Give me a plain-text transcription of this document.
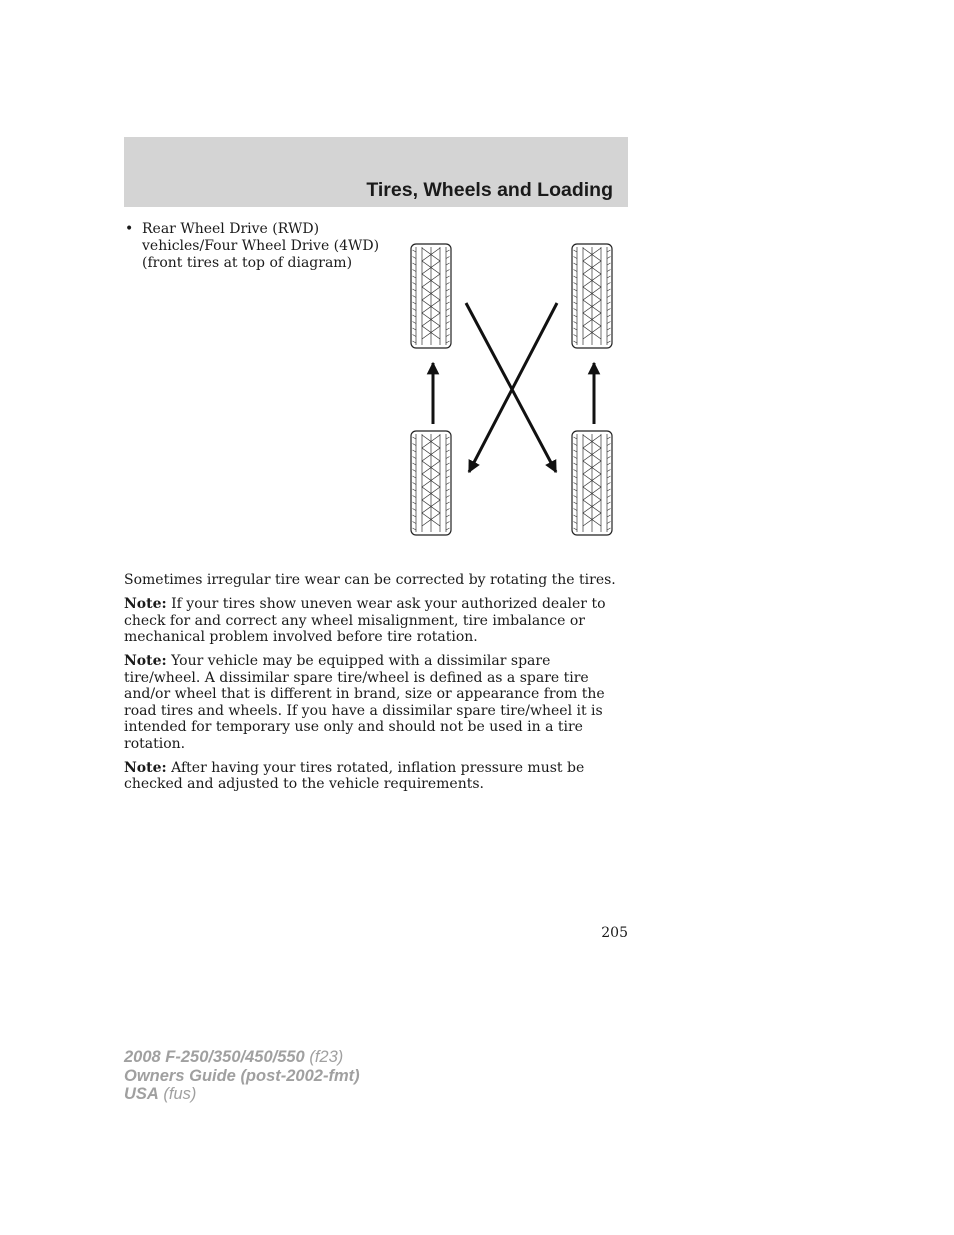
Tires, Wheels and Loading
• Rear Wheel Drive (RWD)
vehicles/Four Wheel Drive (4WD)
(front tires at top of diagram)

Sometimes irregular tire wear can be corrected by rotating the tires.

Note: If your tires show uneven wear ask your authorized dealer to check for and correct any wheel misalignment, tire imbalance or mechanical problem involved before tire rotation.

Note: Your vehicle may be equipped with a dissimilar spare tire/wheel. A dissimilar spare tire/wheel is defined as a spare tire and/or wheel that is different in brand, size or appearance from the road tires and wheels. If you have a dissimilar spare tire/wheel it is intended for temporary use only and should not be used in a tire rotation.

Note: After having your tires rotated, inflation pressure must be checked and adjusted to the vehicle requirements.

205
2008 F-250/350/450/550 (f23)
Owners Guide (post-2002-fmt)
USA (fus)
